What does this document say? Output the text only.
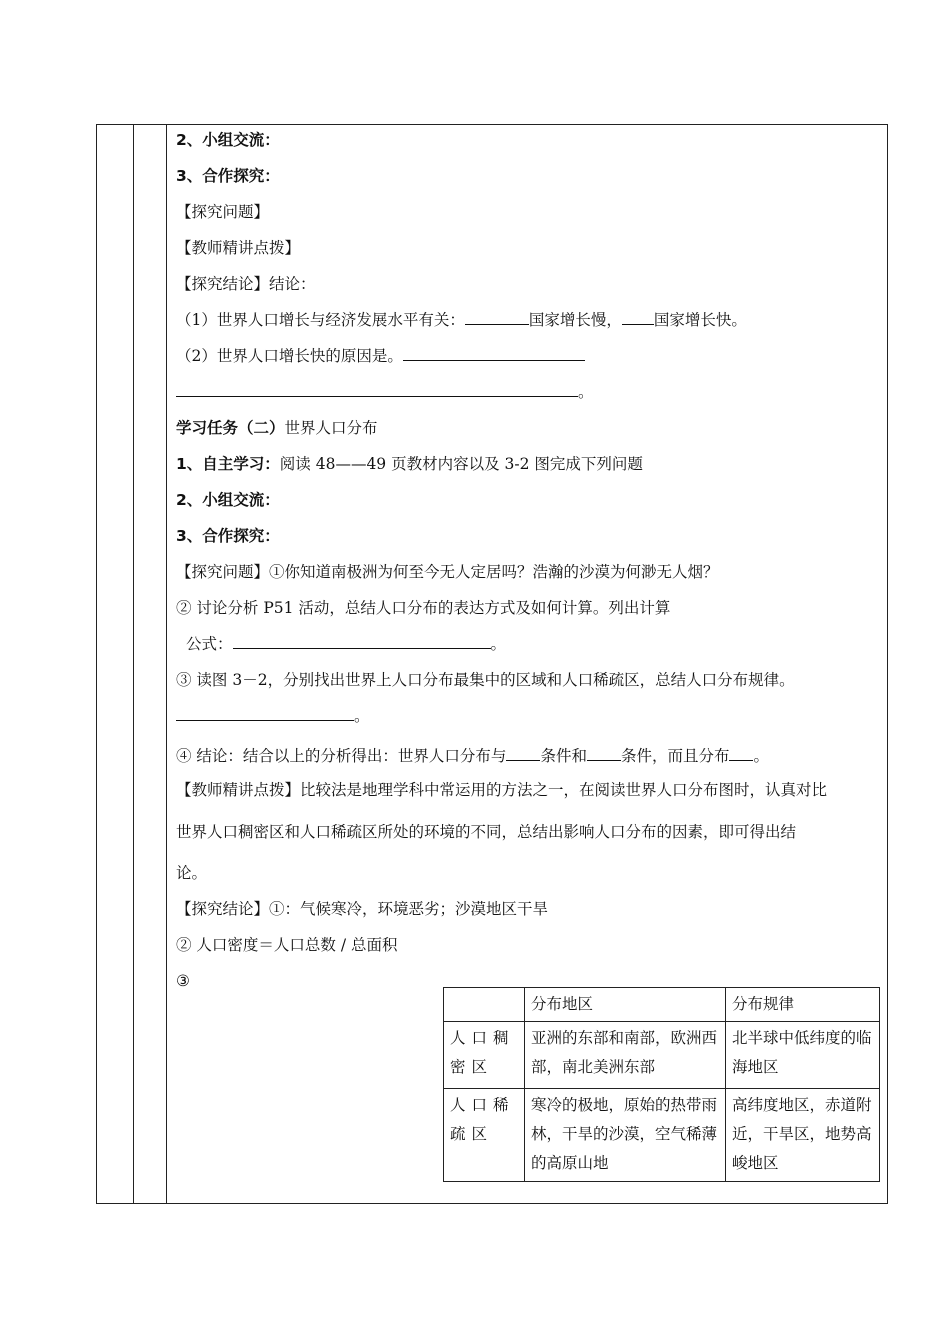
2、小组交流：
3、合作探究：
【探究问题】
【教师精讲点拨】
【探究结论】结论：
（1）世界人口增长与经济发展水平有关：	国家增长慢， 国家增长快。
（2）世界人口增长快的原因是。
。
学习任务（二）世界人口分布
1、自主学习：阅读 48——49 页教材内容以及 3-2 图完成下列问题
2、小组交流：
3、合作探究：
【探究问题】①你知道南极洲为何至今无人定居吗？浩瀚的沙漠为何渺无人烟？
② 讨论分析 P51 活动，总结人口分布的表达方式及如何计算。列出计算
公式：	。
③ 读图 3－2，分别找出世界上人口分布最集中的区域和人口稀疏区，总结人口分布规律。
。
④ 结论：结合以上的分析得出：世界人口分布与 条件和 条件，而且分布 。
【教师精讲点拨】比较法是地理学科中常运用的方法之一，在阅读世界人口分布图时，认真对比
世界人口稠密区和人口稀疏区所处的环境的不同，总结出影响人口分布的因素，即可得出结
论。
【探究结论】①：气候寒冷，环境恶劣；沙漠地区干旱
② 人口密度＝人口总数 / 总面积
③
	分布地区	分布规律
人口稠密区	亚洲的东部和南部，欧洲西部，南北美洲东部	北半球中低纬度的临海地区
人口稀疏区	寒冷的极地，原始的热带雨林，干旱的沙漠，空气稀薄的高原山地	高纬度地区，赤道附近，干旱区，地势高峻地区
